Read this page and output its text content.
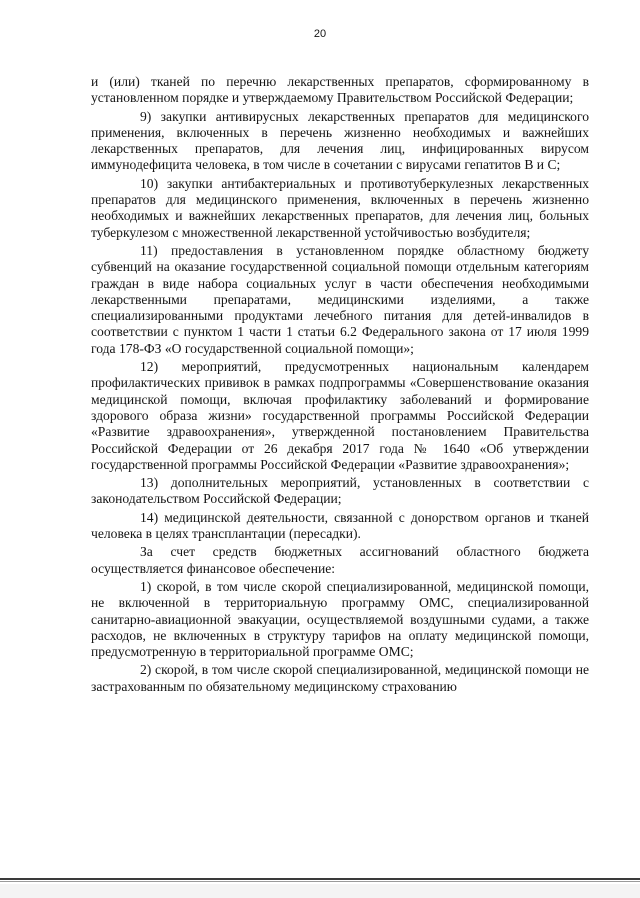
20

и (или) тканей по перечню лекарственных препаратов, сформированному в установленном порядке и утверждаемому Правительством Российской Федерации;

9) закупки антивирусных лекарственных препаратов для медицинского применения, включенных в перечень жизненно необходимых и важнейших лекарственных препаратов, для лечения лиц, инфицированных вирусом иммунодефицита человека, в том числе в сочетании с вирусами гепатитов В и С;

10) закупки антибактериальных и противотуберкулезных лекарственных препаратов для медицинского применения, включенных в перечень жизненно необходимых и важнейших лекарственных препаратов, для лечения лиц, больных туберкулезом с множественной лекарственной устойчивостью возбудителя;

11) предоставления в установленном порядке областному бюджету субвенций на оказание государственной социальной помощи отдельным категориям граждан в виде набора социальных услуг в части обеспечения необходимыми лекарственными препаратами, медицинскими изделиями, а также специализированными продуктами лечебного питания для детей-инвалидов в соответствии с пунктом 1 части 1 статьи 6.2 Федерального закона от 17 июля 1999 года 178-ФЗ «О государственной социальной помощи»;

12) мероприятий, предусмотренных национальным календарем профилактических прививок в рамках подпрограммы «Совершенствование оказания медицинской помощи, включая профилактику заболеваний и формирование здорового образа жизни» государственной программы Российской Федерации «Развитие здравоохранения», утвержденной постановлением Правительства Российской Федерации от 26 декабря 2017 года № 1640 «Об утверждении государственной программы Российской Федерации «Развитие здравоохранения»;

13) дополнительных мероприятий, установленных в соответствии с законодательством Российской Федерации;

14) медицинской деятельности, связанной с донорством органов и тканей человека в целях трансплантации (пересадки).

За счет средств бюджетных ассигнований областного бюджета осуществляется финансовое обеспечение:

1) скорой, в том числе скорой специализированной, медицинской помощи, не включенной в территориальную программу ОМС, специализированной санитарно-авиационной эвакуации, осуществляемой воздушными судами, а также расходов, не включенных в структуру тарифов на оплату медицинской помощи, предусмотренную в территориальной программе ОМС;

2) скорой, в том числе скорой специализированной, медицинской помощи не застрахованным по обязательному медицинскому страхованию
